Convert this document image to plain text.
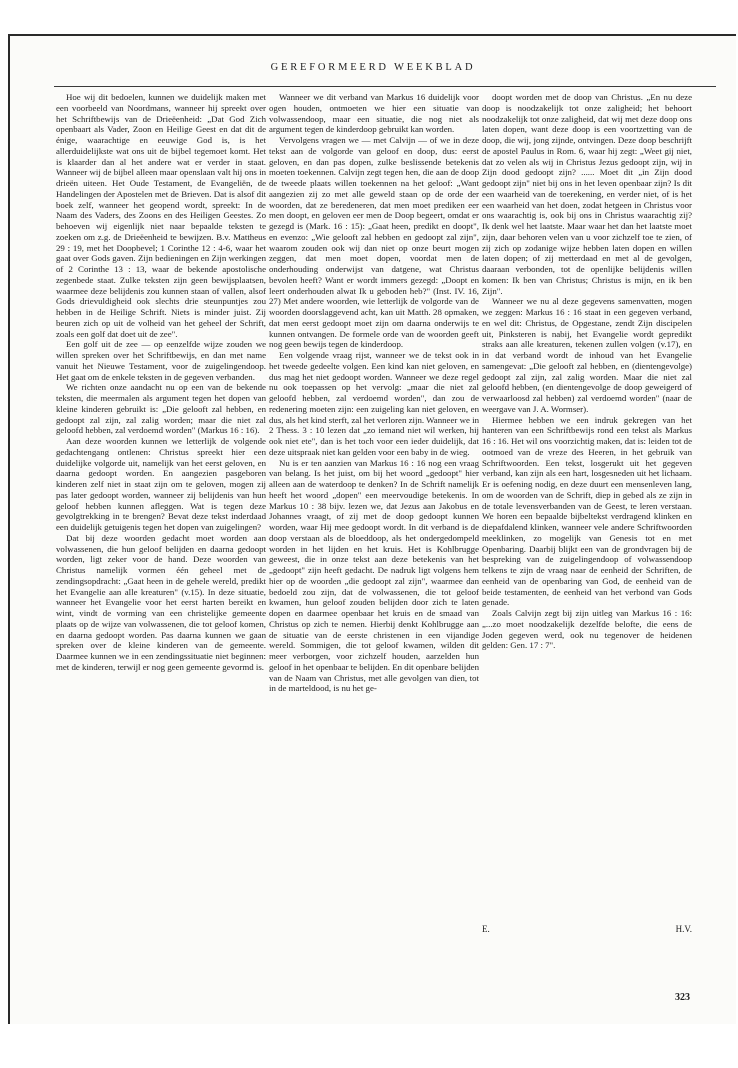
GEREFORMEERD WEEKBLAD

Hoe wij dit bedoelen, kunnen we duidelijk maken met een voorbeeld van Noordmans, wanneer hij spreekt over het Schriftbewijs van de Drieëenheid: „Dat God Zich openbaart als Vader, Zoon en Heilige Geest en dat dit de énige, waarachtige en eeuwige God is, is het allerduidelijkste wat ons uit de bijbel tegemoet komt. Het is klaarder dan al het andere wat er verder in staat. Wanneer wij de bijbel alleen maar openslaan valt hij ons in drieën uiteen. Het Oude Testament, de Evangeliën, de Handelingen der Apostelen met de Brieven. Dat is alsof dit boek zelf, wanneer het geopend wordt, spreekt: In de Naam des Vaders, des Zoons en des Heiligen Geestes. Zo behoeven wij eigenlijk niet naar bepaalde teksten te zoeken om z.g. de Drieëenheid te bewijzen. B.v. Mattheus 29 : 19, met het Doopbevel; 1 Corinthe 12 : 4-6, waar het gaat over Gods gaven. Zijn bedieningen en Zijn werkingen of 2 Corinthe 13 : 13, waar de bekende apostolische zegenbede staat. Zulke teksten zijn geen bewijsplaatsen, waarmee deze belijdenis zou kunnen staan of vallen, alsof Gods drievuldigheid ook slechts drie steunpuntjes zou hebben in de Heilige Schrift. Niets is minder juist. Zij beuren zich op uit de volheid van het geheel der Schrift, zoals een golf dat doet uit de zee".

Een golf uit de zee — op eenzelfde wijze zouden we willen spreken over het Schriftbewijs, en dan met name vanuit het Nieuwe Testament, voor de zuigelingendoop. Het gaat om de enkele teksten in de gegeven verbanden.

We richten onze aandacht nu op een van de bekende teksten, die meermalen als argument tegen het dopen van kleine kinderen gebruikt is: „Die gelooft zal hebben, en gedoopt zal zijn, zal zalig worden; maar die niet zal geloofd hebben, zal verdoemd worden" (Markus 16 : 16).

Aan deze woorden kunnen we letterlijk de volgende gedachtengang ontlenen: Christus spreekt hier een duidelijke volgorde uit, namelijk van het eerst geloven, en daarna gedoopt worden. En aangezien pasgeboren kinderen zelf niet in staat zijn om te geloven, mogen zij pas later gedoopt worden, wanneer zij belijdenis van hun geloof hebben kunnen afleggen. Wat is tegen deze gevolgtrekking in te brengen? Bevat deze tekst inderdaad een duidelijk getuigenis tegen het dopen van zuigelingen?

Dat bij deze woorden gedacht moet worden aan volwassenen, die hun geloof belijden en daarna gedoopt worden, ligt zeker voor de hand. Deze woorden van Christus namelijk vormen één geheel met de zendingsopdracht: „Gaat heen in de gehele wereld, predikt het Evangelie aan alle kreaturen" (v.15). In deze situatie, wanneer het Evangelie voor het eerst harten bereikt en wint, vindt de vorming van een christelijke gemeente plaats op de wijze van volwassenen, die tot geloof komen, en daarna gedoopt worden. Pas daarna kunnen we gaan spreken over de kleine kinderen van de gemeente. Daarmee kunnen we in een zendingssituatie niet beginnen: met de kinderen, terwijl er nog geen gemeente gevormd is.

Wanneer we dit verband van Markus 16 duidelijk voor ogen houden, ontmoeten we hier een situatie van volwassendoop, maar een situatie, die nog niet als argument tegen de kinderdoop gebruikt kan worden.

Vervolgens vragen we — met Calvijn — of we in deze tekst aan de volgorde van geloof en doop, dus: eerst geloven, en dan pas dopen, zulke beslissende betekenis moeten toekennen. Calvijn zegt tegen hen, die aan de doop de tweede plaats willen toekennen na het geloof: „Want aangezien zij zo met alle geweld staan op de orde der woorden, dat ze beredeneren, dat men moet prediken eer men doopt, en geloven eer men de Doop begeert, omdat er gezegd is (Mark. 16 : 15): „Gaat heen, predikt en doopt", en evenzo: „Wie gelooft zal hebben en gedoopt zal zijn", waarom zouden ook wij dan niet op onze beurt mogen zeggen, dat men moet dopen, voordat men de onderhouding onderwijst van datgene, wat Christus bevolen heeft? Want er wordt immers gezegd: „Doopt en leert onderhouden alwat Ik u geboden heb?" (Inst. IV. 16, 27) Met andere woorden, wie letterlijk de volgorde van de woorden doorslaggevend acht, kan uit Matth. 28 opmaken, dat men eerst gedoopt moet zijn om daarna onderwijs te kunnen ontvangen. De formele orde van de woorden geeft nog geen bewijs tegen de kinderdoop.

Een volgende vraag rijst, wanneer we de tekst ook in het tweede gedeelte volgen. Een kind kan niet geloven, en dus mag het niet gedoopt worden. Wanneer we deze regel nu ook toepassen op het vervolg: „maar die niet zal geloofd hebben, zal verdoemd worden", dan zou de redenering moeten zijn: een zuigeling kan niet geloven, en dus, als het kind sterft, zal het verloren zijn. Wanneer we in 2 Thess. 3 : 10 lezen dat „zo iemand niet wil werken, hij ook niet ete", dan is het toch voor een ieder duidelijk, dat deze uitspraak niet kan gelden voor een baby in de wieg.

Nu is er ten aanzien van Markus 16 : 16 nog een vraag van belang. Is het juist, om bij het woord „gedoopt" hier alleen aan de waterdoop te denken? In de Schrift namelijk heeft het woord „dopen" een meervoudige betekenis. In Markus 10 : 38 bijv. lezen we, dat Jezus aan Jakobus en Johannes vraagt, of zij met de doop gedoopt kunnen worden, waar Hij mee gedoopt wordt. In dit verband is de doop verstaan als de bloeddoop, als het ondergedompeld worden in het lijden en het kruis. Het is Kohlbrugge geweest, die in onze tekst aan deze betekenis van het „gedoopt" zijn heeft gedacht. De nadruk ligt volgens hem hier op de woorden „die gedoopt zal zijn", waarmee dan bedoeld zou zijn, dat de volwassenen, die tot geloof kwamen, hun geloof zouden belijden door zich te laten dopen en daarmee openbaar het kruis en de smaad van Christus op zich te nemen. Hierbij denkt Kohlbrugge aan de situatie van de eerste christenen in een vijandige wereld. Sommigen, die tot geloof kwamen, wilden dit meer verborgen, voor zichzelf houden, aarzelden hun geloof in het openbaar te belijden. En dit openbare belijden van de Naam van Christus, met alle gevolgen van dien, tot in de marteldood, is nu het ge-

doopt worden met de doop van Christus. „En nu deze doop is noodzakelijk tot onze zaligheid; het behoort noodzakelijk tot onze zaligheid, dat wij met deze doop ons laten dopen, want deze doop is een voortzetting van de doop, die wij, jong zijnde, ontvingen. Deze doop beschrijft de apostel Paulus in Rom. 6, waar hij zegt: „Weet gij niet, dat zo velen als wij in Christus Jezus gedoopt zijn, wij in Zijn dood gedoopt zijn? ...... Moet dit „in Zijn dood gedoopt zijn" niet bij ons in het leven openbaar zijn? Is dit een waarheid van de toerekening, en verder niet, of is het een waarheid van het doen, zodat hetgeen in Christus voor ons waarachtig is, ook bij ons in Christus waarachtig zij? Ik denk wel het laatste. Maar waar het dan het laatste moet zijn, daar behoren velen van u voor zichzelf toe te zien, of zij zich op zodanige wijze hebben laten dopen en willen laten dopen; of zij metterdaad en met al de gevolgen, daaraan verbonden, tot de openlijke belijdenis willen komen: Ik ben van Christus; Christus is mijn, en ik ben Zijn".

Wanneer we nu al deze gegevens samenvatten, mogen we zeggen: Markus 16 : 16 staat in een gegeven verband, en wel dit: Christus, de Opgestane, zendt Zijn discipelen uit, Pinksteren is nabij, het Evangelie wordt gepredikt straks aan alle kreaturen, tekenen zullen volgen (v.17), en in dat verband wordt de inhoud van het Evangelie samengevat: „Die gelooft zal hebben, en (dientengevolge) gedoopt zal zijn, zal zalig worden. Maar die niet zal geloofd hebben, (en dientengevolge de doop geweigerd of verwaarloosd zal hebben) zal verdoemd worden" (naar de weergave van J. A. Wormser).

Hiermee hebben we een indruk gekregen van het hanteren van een Schriftbewijs rond een tekst als Markus 16 : 16. Het wil ons voorzichtig maken, dat is: leiden tot de ootmoed van de vreze des Heeren, in het gebruik van Schriftwoorden. Een tekst, losgerukt uit het gegeven verband, kan zijn als een hart, losgesneden uit het lichaam. Er is oefening nodig, en deze duurt een mensenleven lang, om de woorden van de Schrift, diep in gebed als ze zijn in de totale levensverbanden van de Geest, te leren verstaan. We horen een bepaalde bijbeltekst verdragend klinken en diepafdalend klinken, wanneer vele andere Schriftwoorden meeklinken, zo mogelijk van Genesis tot en met Openbaring. Daarbij blijkt een van de grondvragen bij de bespreking van de zuigelingendoop of volwassendoop telkens te zijn de vraag naar de eenheid der Schriften, de eenheid van de openbaring van God, de eenheid van de beide testamenten, de eenheid van het verbond van Gods genade.

Zoals Calvijn zegt bij zijn uitleg van Markus 16 : 16: „...zo moet noodzakelijk dezelfde belofte, die eens de Joden gegeven werd, ook nu tegenover de heidenen gelden: Gen. 17 : 7".

E.	H.V.
323
